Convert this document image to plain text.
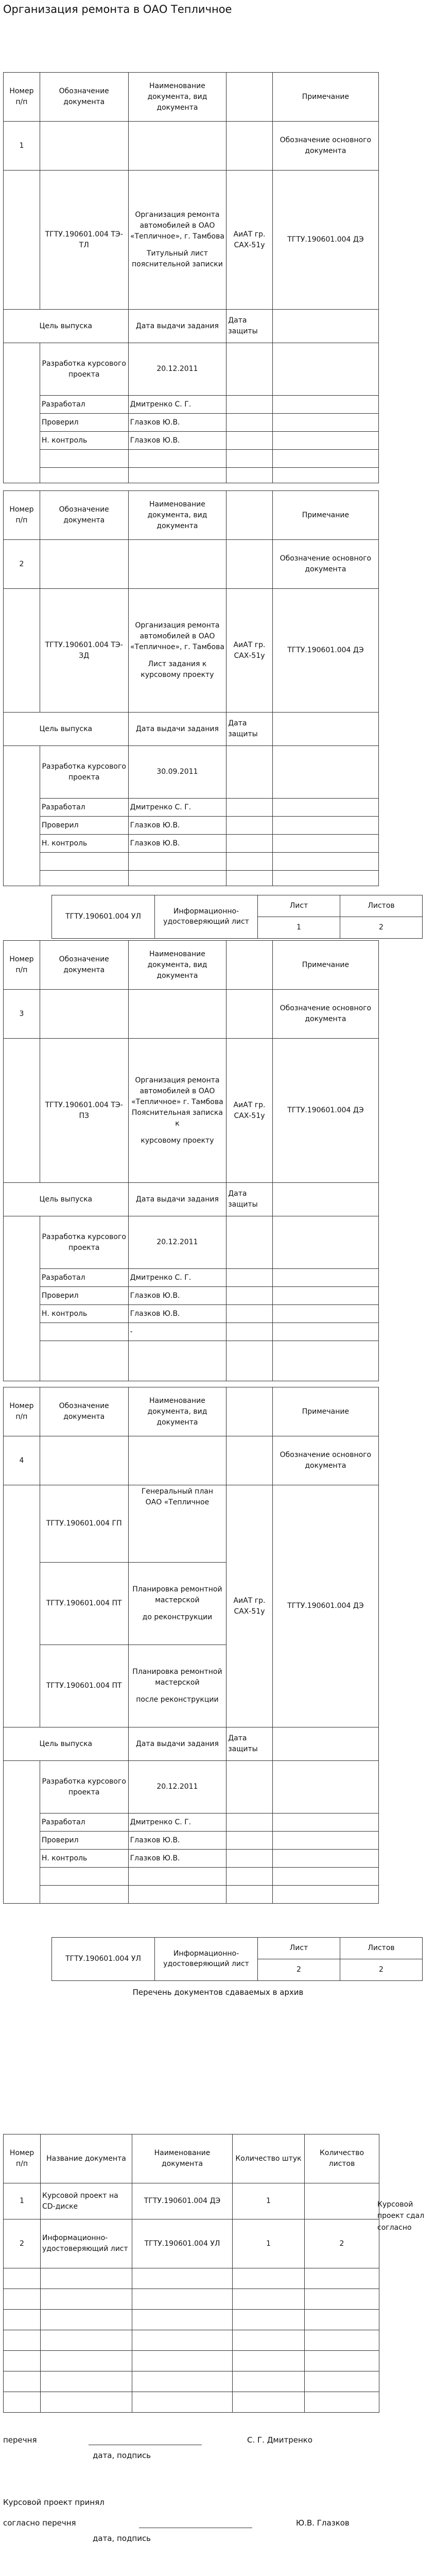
Организация ремонта в ОАО Тепличное
Номер п/п	Обозначение документа	Наименование документа, вид документа		Примечание
1				Обозначение основного документа
	ТГТУ.190601.004 ТЭ-ТЛ	Организация ремонта автомобилей в ОАО «Тепличное», г. Тамбова
Титульный лист пояснительной записки	АиАТ гр. САХ-51у	ТГТУ.190601.004 ДЭ
Цель выпуска		Дата выдачи задания	Дата защиты	
	Разработка курсового проекта	20.12.2011		
	Разработал	Дмитренко С. Г.		
	Проверил	Глазков Ю.В.		
	Н. контроль	Глазков Ю.В.		

Номер п/п	Обозначение документа	Наименование документа, вид документа		Примечание
2				Обозначение основного документа
	ТГТУ.190601.004 ТЭ-ЗД	Организация ремонта автомобилей в ОАО «Тепличное», г. Тамбова
Лист задания к курсовому проекту	АиАТ гр. САХ-51у	ТГТУ.190601.004 ДЭ
Цель выпуска		Дата выдачи задания	Дата защиты	
	Разработка курсового проекта	30.09.2011		
	Разработал	Дмитренко С. Г.		
	Проверил	Глазков Ю.В.		
	Н. контроль	Глазков Ю.В.		

ТГТУ.190601.004 УЛ	Информационно-удостоверяющий лист	Лист	Листов
		1	2
Номер п/п	Обозначение документа	Наименование документа, вид документа		Примечание
3				Обозначение основного документа
	ТГТУ.190601.004 ТЭ-ПЗ	Организация ремонта автомобилей в ОАО «Тепличное» г. Тамбова Пояснительная записка к
курсовому проекту	АиАТ гр. САХ-51у	ТГТУ.190601.004 ДЭ
Цель выпуска		Дата выдачи задания	Дата защиты	
	Разработка курсового проекта	20.12.2011		
	Разработал	Дмитренко С. Г.		
	Проверил	Глазков Ю.В.		
	Н. контроль	Глазков Ю.В.		
		-		

Номер п/п	Обозначение документа	Наименование документа, вид документа		Примечание
4				Обозначение основного документа
	ТГТУ.190601.004 ГП	Генеральный план
ОАО «Тепличное	АиАТ гр. САХ-51у	ТГТУ.190601.004 ДЭ
	ТГТУ.190601.004 ПТ	Планировка ремонтной мастерской
до реконструкции		
	ТГТУ.190601.004 ПТ	Планировка ремонтной мастерской
после реконструкции		
Цель выпуска		Дата выдачи задания	Дата защиты	
	Разработка курсового проекта	20.12.2011		
	Разработал	Дмитренко С. Г.		
	Проверил	Глазков Ю.В.		
	Н. контроль	Глазков Ю.В.		

ТГТУ.190601.004 УЛ	Информационно-удостоверяющий лист	Лист	Листов
		2	2
Перечень документов сдаваемых в архив
Номер п/п	Название документа	Наименование документа	Количество штук	Количество листов
1	Курсовой проект на CD-диске	ТГТУ.190601.004 ДЭ	1	
2	Информационно-удостоверяющий лист	ТГТУ.190601.004 УЛ	1	2

Курсовой проект сдал согласно
перечня	С. Г. Дмитренко
дата, подпись
Курсовой проект принял
согласно перечня	Ю.В. Глазков
дата, подпись
